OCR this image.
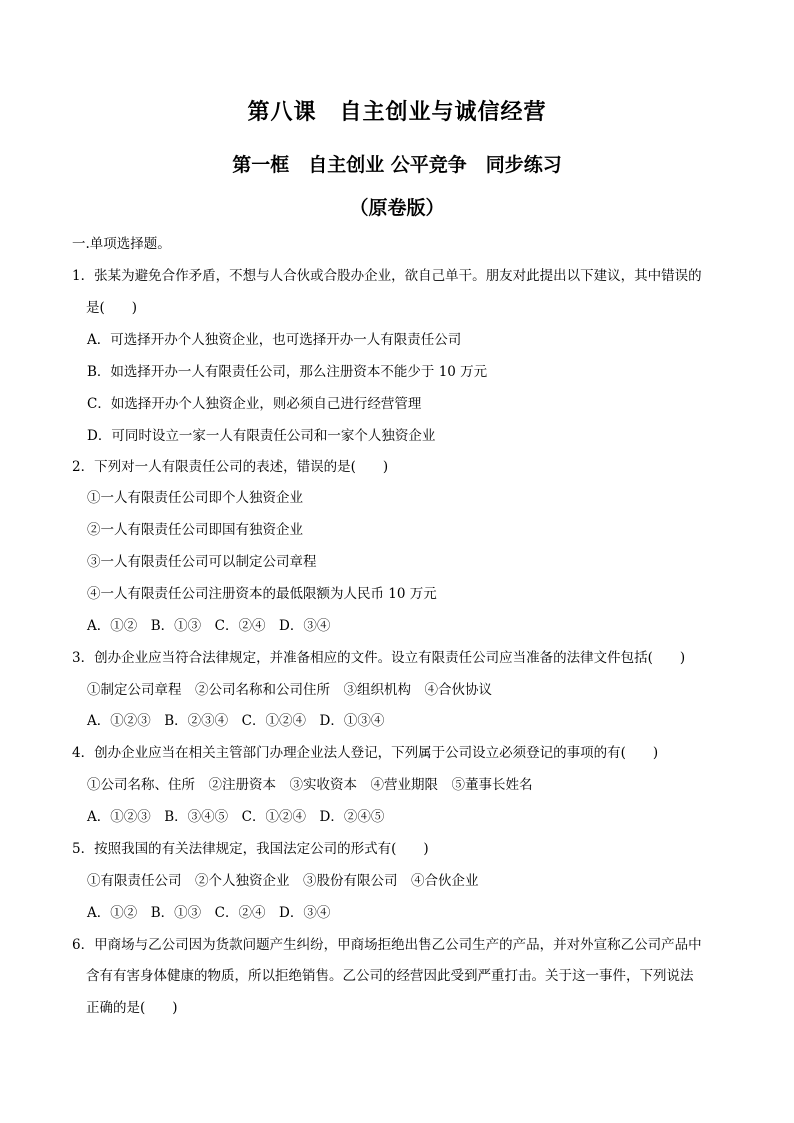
第八课　自主创业与诚信经营
第一框　自主创业 公平竞争　同步练习
（原卷版）
一.单项选择题。
1．张某为避免合作矛盾，不想与人合伙或合股办企业，欲自己单干。朋友对此提出以下建议，其中错误的
是(　　)
A．可选择开办个人独资企业，也可选择开办一人有限责任公司
B．如选择开办一人有限责任公司，那么注册资本不能少于 10 万元
C．如选择开办个人独资企业，则必须自己进行经营管理
D．可同时设立一家一人有限责任公司和一家个人独资企业
2．下列对一人有限责任公司的表述，错误的是(　　)
①一人有限责任公司即个人独资企业
②一人有限责任公司即国有独资企业
③一人有限责任公司可以制定公司章程
④一人有限责任公司注册资本的最低限额为人民币 10 万元
A．①②　B．①③　C．②④　D．③④
3．创办企业应当符合法律规定，并准备相应的文件。设立有限责任公司应当准备的法律文件包括(　　)
①制定公司章程　②公司名称和公司住所　③组织机构　④合伙协议
A．①②③　B．②③④　C．①②④　D．①③④
4．创办企业应当在相关主管部门办理企业法人登记，下列属于公司设立必须登记的事项的有(　　)
①公司名称、住所　②注册资本　③实收资本　④营业期限　⑤董事长姓名
A．①②③　B．③④⑤　C．①②④　D．②④⑤
5．按照我国的有关法律规定，我国法定公司的形式有(　　)
①有限责任公司　②个人独资企业　③股份有限公司　④合伙企业
A．①②　B．①③　C．②④　D．③④
6．甲商场与乙公司因为货款问题产生纠纷，甲商场拒绝出售乙公司生产的产品，并对外宣称乙公司产品中
含有有害身体健康的物质，所以拒绝销售。乙公司的经营因此受到严重打击。关于这一事件，下列说法
正确的是(　　)
